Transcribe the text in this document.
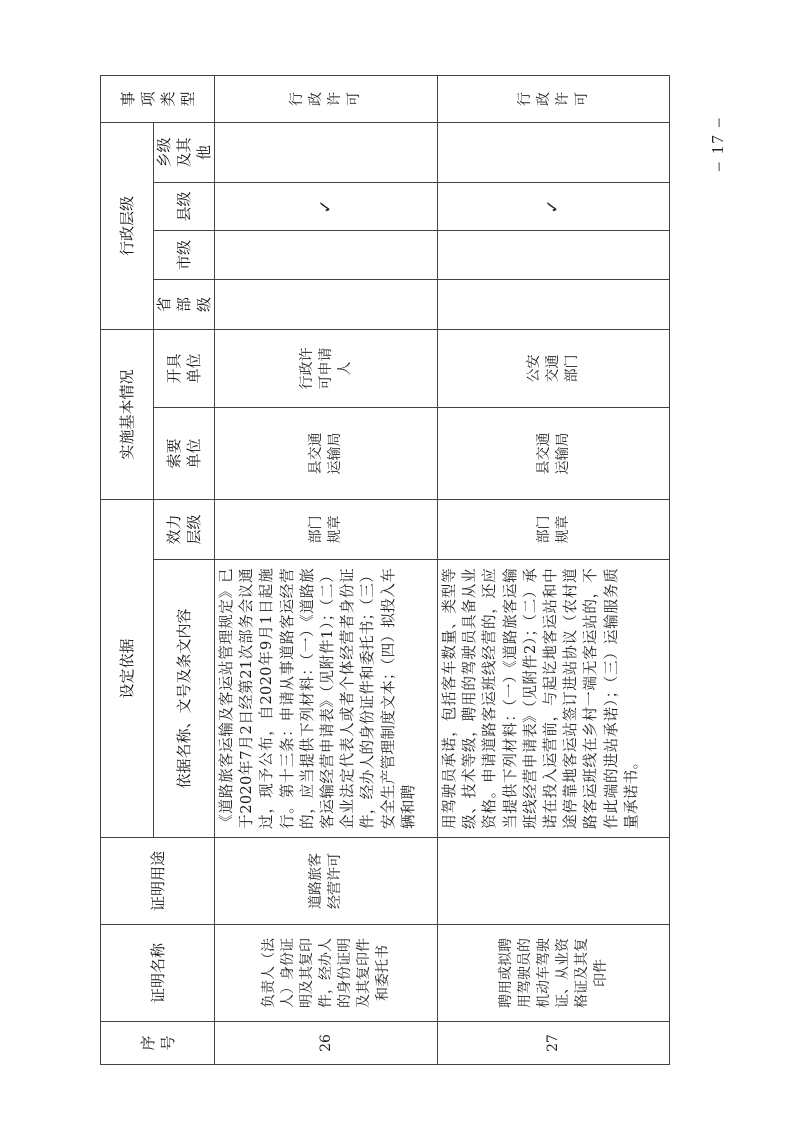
序号	证明名称	证明用途	设定依据		实施基本情况		行政层级				事项类型
			依据名称、文号及条文内容	效力层级	索要单位	开具单位	省部级	市级	县级	乡级及其他	
26	负责人（法人）身份证明及其复印件，经办人的身份证明及其复印件和委托书	道路旅客经营许可	《道路旅客运输及客运站管理规定》已于2020年7月2日经第21次部务会议通过，现予公布，自2020年9月1日起施行。第十三条：申请从事道路客运经营的，应当提供下列材料：（一）《道路旅客运输经营申请表》（见附件1）；（二）企业法定代表人或者个体经营者身份证件，经办人的身份证件和委托书；（三）安全生产管理制度文本；（四）拟投入车辆和聘	部门规章	县交通运输局	行政许可申请人			✓		行政许可
27	聘用或拟聘用驾驶员的机动车驾驶证、从业资格证及其复印件		用驾驶员承诺，包括客车数量、类型等级、技术等级，聘用的驾驶员具备从业资格。申请道路客运班线经营的，还应当提供下列材料：（一）《道路旅客运输班线经营申请表》（见附件2）；（二）承诺在投入运营前，与起讫地客运站和中途停靠地客运站签订进站协议（农村道路客运班线在乡村一端无客运站的，不作此端的进站承诺）；（三）运输服务质量承诺书。	部门规章	县交通运输局	公安交通部门			✓		行政许可
– 17 –
